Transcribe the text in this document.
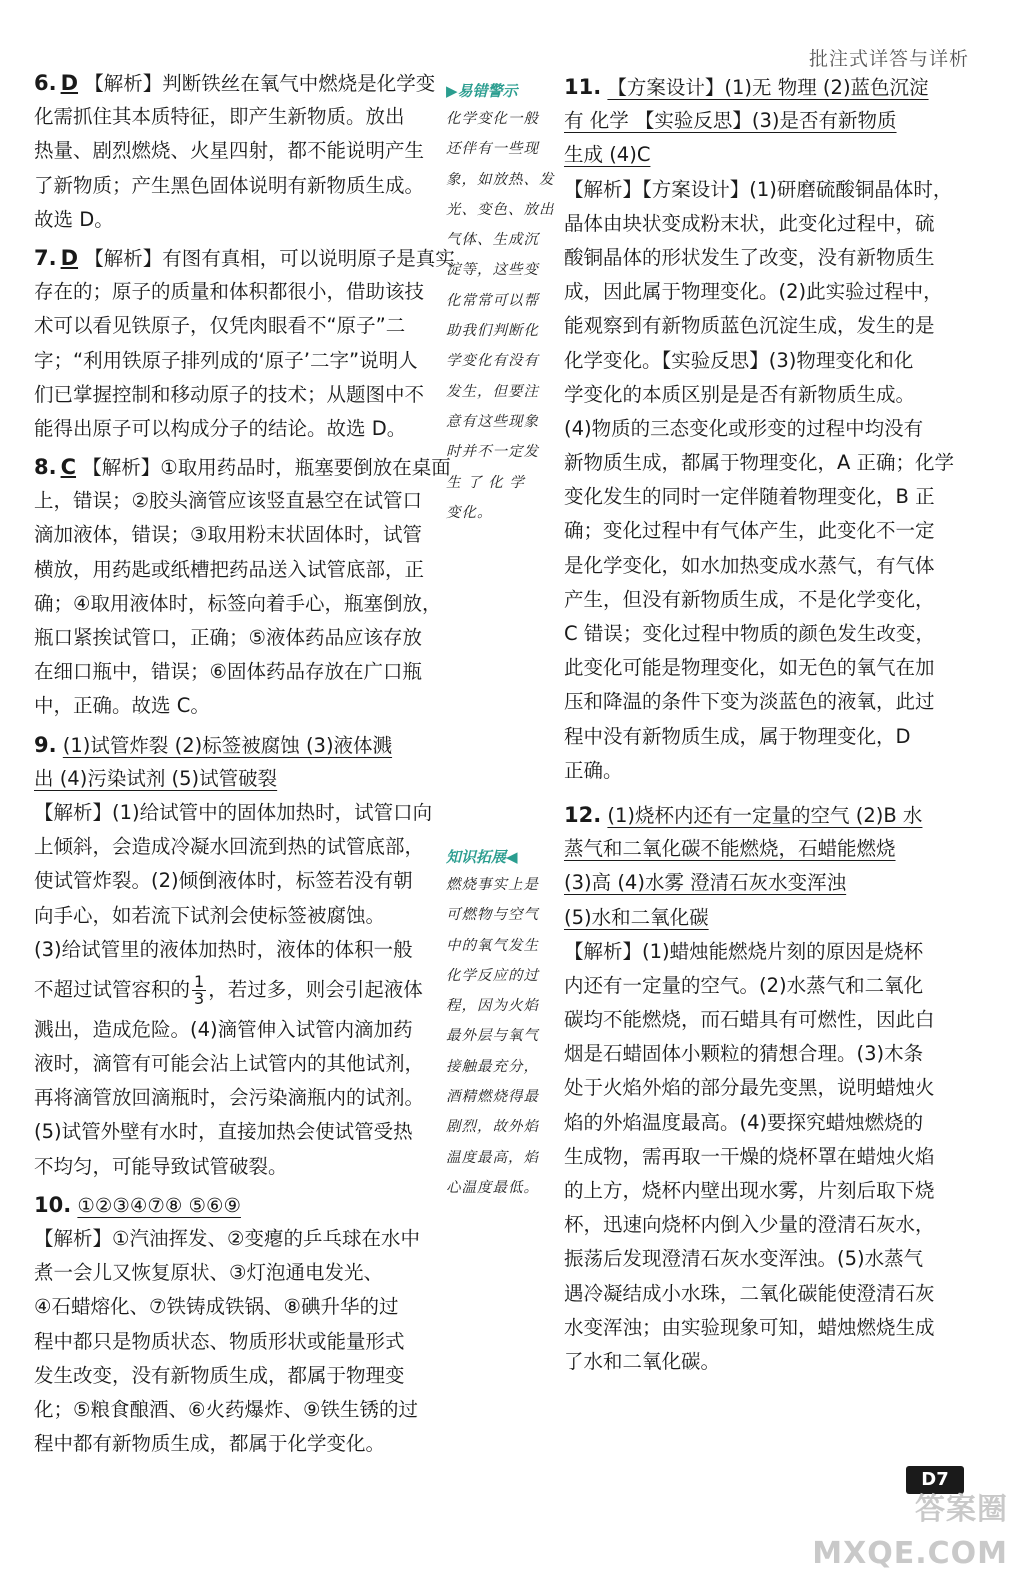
批注式详答与详析
6. D 【解析】判断铁丝在氧气中燃烧是化学变
化需抓住其本质特征，即产生新物质。放出
热量、剧烈燃烧、火星四射，都不能说明产生
了新物质；产生黑色固体说明有新物质生成。
故选 D。
7. D 【解析】有图有真相，可以说明原子是真实
存在的；原子的质量和体积都很小，借助该技
术可以看见铁原子，仅凭肉眼看不“原子”二
字；“利用铁原子排列成的‘原子’二字”说明人
们已掌握控制和移动原子的技术；从题图中不
能得出原子可以构成分子的结论。故选 D。
8. C 【解析】①取用药品时，瓶塞要倒放在桌面
上，错误；②胶头滴管应该竖直悬空在试管口
滴加液体，错误；③取用粉末状固体时，试管
横放，用药匙或纸槽把药品送入试管底部，正
确；④取用液体时，标签向着手心，瓶塞倒放，
瓶口紧挨试管口，正确；⑤液体药品应该存放
在细口瓶中，错误；⑥固体药品存放在广口瓶
中，正确。故选 C。
9. (1)试管炸裂 (2)标签被腐蚀 (3)液体溅
出 (4)污染试剂 (5)试管破裂
【解析】(1)给试管中的固体加热时，试管口向
上倾斜，会造成冷凝水回流到热的试管底部，
使试管炸裂。(2)倾倒液体时，标签若没有朝
向手心，如若流下试剂会使标签被腐蚀。
(3)给试管里的液体加热时，液体的体积一般
不超过试管容积的 $\frac{1}{3}$ ，若过多，则会引起液体
溅出，造成危险。(4)滴管伸入试管内滴加药
液时，滴管有可能会沾上试管内的其他试剂，
再将滴管放回滴瓶时，会污染滴瓶内的试剂。
(5)试管外壁有水时，直接加热会使试管受热
不均匀，可能导致试管破裂。
10. ①②③④⑦⑧ ⑤⑥⑨
【解析】①汽油挥发、②变瘪的乒乓球在水中
煮一会儿又恢复原状、③灯泡通电发光、
④石蜡熔化、⑦铁铸成铁锅、⑧碘升华的过
程中都只是物质状态、物质形状或能量形式
发生改变，没有新物质生成，都属于物理变
化；⑤粮食酿酒、⑥火药爆炸、⑨铁生锈的过
程中都有新物质生成，都属于化学变化。
▶易错警示
化学变化一般
还伴有一些现
象，如放热、发
光、变色、放出
气体、生成沉
淀等，这些变
化常常可以帮
助我们判断化
学变化有没有
发生，但要注
意有这些现象
时并不一定发
生 了 化 学
变化。
知识拓展◀
燃烧事实上是
可燃物与空气
中的氧气发生
化学反应的过
程，因为火焰
最外层与氧气
接触最充分，
酒精燃烧得最
剧烈，故外焰
温度最高，焰
心温度最低。
11. 【方案设计】(1)无 物理 (2)蓝色沉淀
有 化学 【实验反思】(3)是否有新物质
生成 (4)C
【解析】【方案设计】(1)研磨硫酸铜晶体时，
晶体由块状变成粉末状，此变化过程中，硫
酸铜晶体的形状发生了改变，没有新物质生
成，因此属于物理变化。(2)此实验过程中，
能观察到有新物质蓝色沉淀生成，发生的是
化学变化。【实验反思】(3)物理变化和化
学变化的本质区别是是否有新物质生成。
(4)物质的三态变化或形变的过程中均没有
新物质生成，都属于物理变化，A 正确；化学
变化发生的同时一定伴随着物理变化，B 正
确；变化过程中有气体产生，此变化不一定
是化学变化，如水加热变成水蒸气，有气体
产生，但没有新物质生成，不是化学变化，
C 错误；变化过程中物质的颜色发生改变，
此变化可能是物理变化，如无色的氧气在加
压和降温的条件下变为淡蓝色的液氧，此过
程中没有新物质生成，属于物理变化，D
正确。
12. (1)烧杯内还有一定量的空气 (2)B 水
蒸气和二氧化碳不能燃烧，石蜡能燃烧
(3)高 (4)水雾 澄清石灰水变浑浊
(5)水和二氧化碳
【解析】(1)蜡烛能燃烧片刻的原因是烧杯
内还有一定量的空气。(2)水蒸气和二氧化
碳均不能燃烧，而石蜡具有可燃性，因此白
烟是石蜡固体小颗粒的猜想合理。(3)木条
处于火焰外焰的部分最先变黑，说明蜡烛火
焰的外焰温度最高。(4)要探究蜡烛燃烧的
生成物，需再取一干燥的烧杯罩在蜡烛火焰
的上方，烧杯内壁出现水雾，片刻后取下烧
杯，迅速向烧杯内倒入少量的澄清石灰水，
振荡后发现澄清石灰水变浑浊。(5)水蒸气
遇冷凝结成小水珠，二氧化碳能使澄清石灰
水变浑浊；由实验现象可知，蜡烛燃烧生成
了水和二氧化碳。
D7
答案圈 MXQE.COM
